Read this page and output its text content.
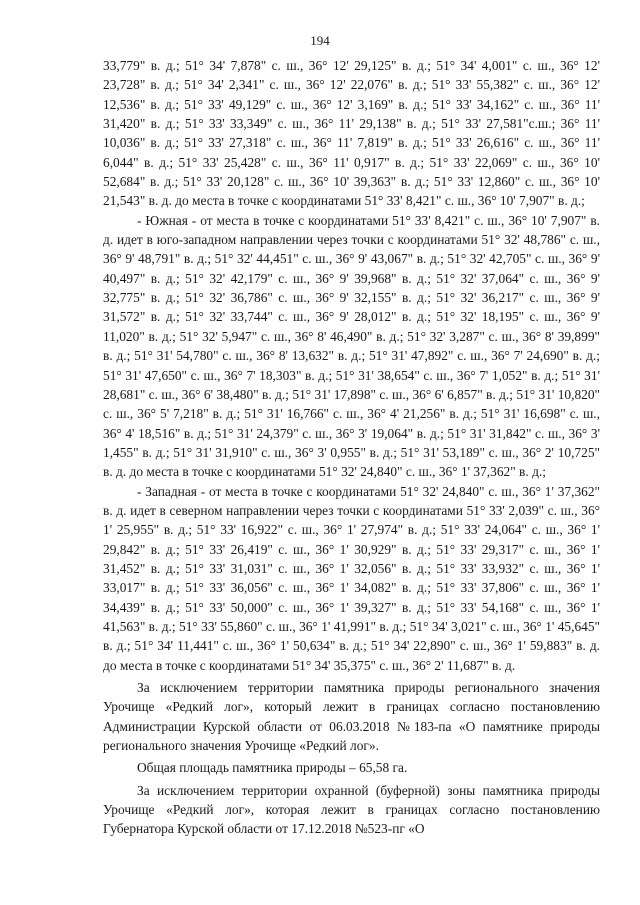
194

33,779" в. д.; 51° 34' 7,878" с. ш., 36° 12' 29,125" в. д.; 51° 34' 4,001" с. ш., 36° 12' 23,728" в. д.; 51° 34' 2,341" с. ш., 36° 12' 22,076" в. д.; 51° 33' 55,382" с. ш., 36° 12' 12,536" в. д.; 51° 33' 49,129" с. ш., 36° 12' 3,169" в. д.; 51° 33' 34,162" с. ш., 36° 11' 31,420" в. д.; 51° 33' 33,349" с. ш., 36° 11' 29,138" в. д.; 51° 33' 27,581"с.ш.; 36° 11' 10,036" в. д.; 51° 33' 27,318" с. ш., 36° 11' 7,819" в. д.; 51° 33' 26,616" с. ш., 36° 11' 6,044" в. д.; 51° 33' 25,428" с. ш., 36° 11' 0,917" в. д.; 51° 33' 22,069" с. ш., 36° 10' 52,684" в. д.; 51° 33' 20,128" с. ш., 36° 10' 39,363" в. д.; 51° 33' 12,860" с. ш., 36° 10' 21,543" в. д. до места в точке с координатами 51° 33' 8,421" с. ш., 36° 10' 7,907" в. д.;

- Южная - от места в точке с координатами 51° 33' 8,421" с. ш., 36° 10' 7,907" в. д. идет в юго-западном направлении через точки с координатами 51° 32' 48,786" с. ш., 36° 9' 48,791" в. д.; 51° 32' 44,451" с. ш., 36° 9' 43,067" в. д.; 51° 32' 42,705" с. ш., 36° 9' 40,497" в. д.; 51° 32' 42,179" с. ш., 36° 9' 39,968" в. д.; 51° 32' 37,064" с. ш., 36° 9' 32,775" в. д.; 51° 32' 36,786" с. ш., 36° 9' 32,155" в. д.; 51° 32' 36,217" с. ш., 36° 9' 31,572" в. д.; 51° 32' 33,744" с. ш., 36° 9' 28,012" в. д.; 51° 32' 18,195" с. ш., 36° 9' 11,020" в. д.; 51° 32' 5,947" с. ш., 36° 8' 46,490" в. д.; 51° 32' 3,287" с. ш., 36° 8' 39,899" в. д.; 51° 31' 54,780" с. ш., 36° 8' 13,632" в. д.; 51° 31' 47,892" с. ш., 36° 7' 24,690" в. д.; 51° 31' 47,650" с. ш., 36° 7' 18,303" в. д.; 51° 31' 38,654" с. ш., 36° 7' 1,052" в. д.; 51° 31' 28,681" с. ш., 36° 6' 38,480" в. д.; 51° 31' 17,898" с. ш., 36° 6' 6,857" в. д.; 51° 31' 10,820" с. ш., 36° 5' 7,218" в. д.; 51° 31' 16,766" с. ш., 36° 4' 21,256" в. д.; 51° 31' 16,698" с. ш., 36° 4' 18,516" в. д.; 51° 31' 24,379" с. ш., 36° 3' 19,064" в. д.; 51° 31' 31,842" с. ш., 36° 3' 1,455" в. д.; 51° 31' 31,910" с. ш., 36° 3' 0,955" в. д.; 51° 31' 53,189" с. ш., 36° 2' 10,725" в. д. до места в точке с координатами 51° 32' 24,840" с. ш., 36° 1' 37,362" в. д.;

- Западная - от места в точке с координатами 51° 32' 24,840" с. ш., 36° 1' 37,362" в. д. идет в северном направлении через точки с координатами 51° 33' 2,039" с. ш., 36° 1' 25,955" в. д.; 51° 33' 16,922" с. ш., 36° 1' 27,974" в. д.; 51° 33' 24,064" с. ш., 36° 1' 29,842" в. д.; 51° 33' 26,419" с. ш., 36° 1' 30,929" в. д.; 51° 33' 29,317" с. ш., 36° 1' 31,452" в. д.; 51° 33' 31,031" с. ш., 36° 1' 32,056" в. д.; 51° 33' 33,932" с. ш., 36° 1' 33,017" в. д.; 51° 33' 36,056" с. ш., 36° 1' 34,082" в. д.; 51° 33' 37,806" с. ш., 36° 1' 34,439" в. д.; 51° 33' 50,000" с. ш., 36° 1' 39,327" в. д.; 51° 33' 54,168" с. ш., 36° 1' 41,563" в. д.; 51° 33' 55,860" с. ш., 36° 1' 41,991" в. д.; 51° 34' 3,021" с. ш., 36° 1' 45,645" в. д.; 51° 34' 11,441" с. ш., 36° 1' 50,634" в. д.; 51° 34' 22,890" с. ш., 36° 1' 59,883" в. д. до места в точке с координатами 51° 34' 35,375" с. ш., 36° 2' 11,687" в. д.

За исключением территории памятника природы регионального значения Урочище «Редкий лог», который лежит в границах согласно постановлению Администрации Курской области от 06.03.2018 №183-па «О памятнике природы регионального значения Урочище «Редкий лог».

Общая площадь памятника природы – 65,58 га.

За исключением территории охранной (буферной) зоны памятника природы Урочище «Редкий лог», которая лежит в границах согласно постановлению Губернатора Курской области от 17.12.2018 №523-пг «О
